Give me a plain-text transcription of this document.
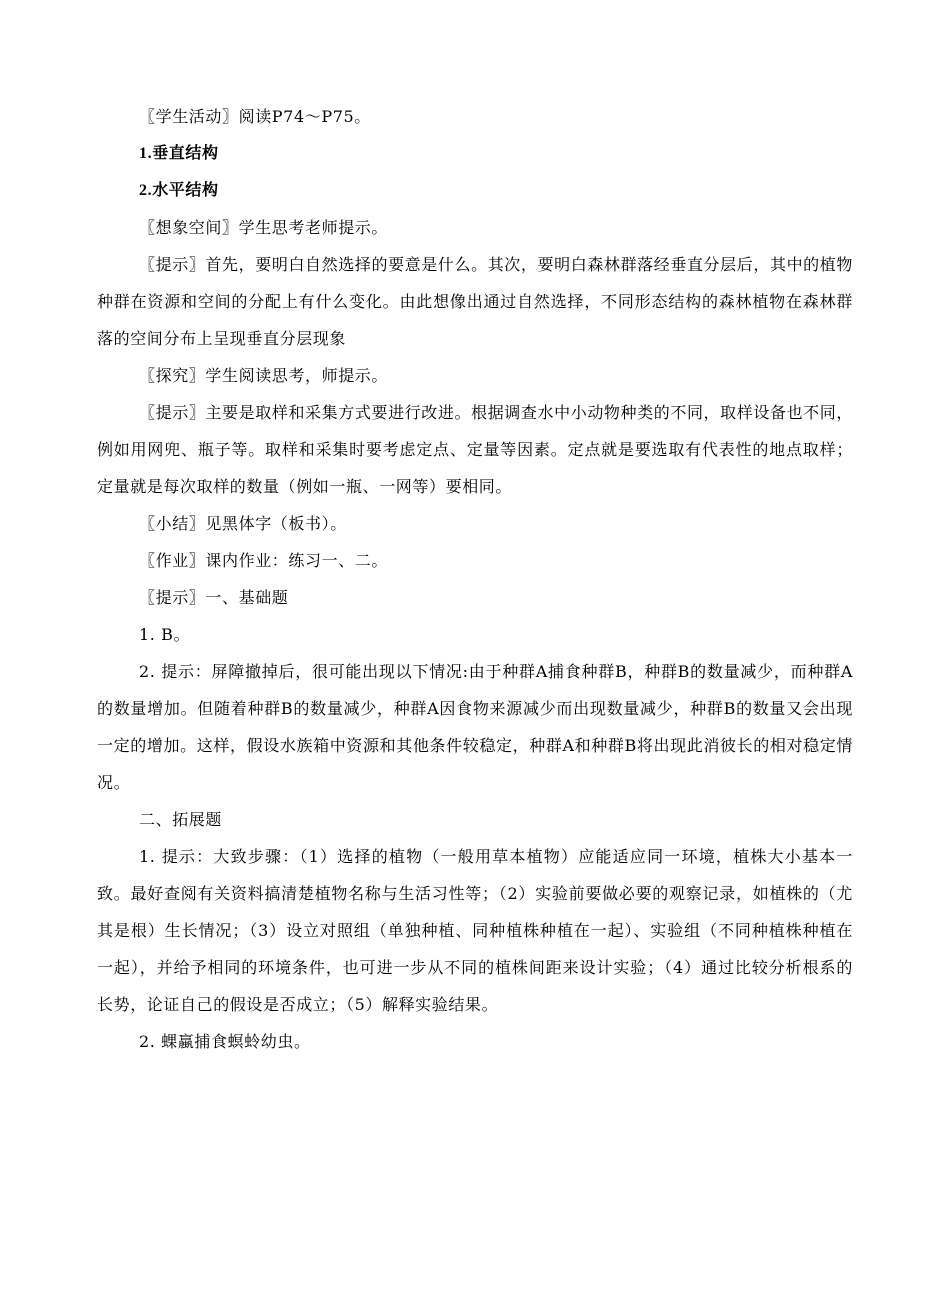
〖学生活动〗阅读P74～P75。

1.垂直结构

2.水平结构

〖想象空间〗学生思考老师提示。

〖提示〗首先，要明白自然选择的要意是什么。其次，要明白森林群落经垂直分层后，其中的植物种群在资源和空间的分配上有什么变化。由此想像出通过自然选择，不同形态结构的森林植物在森林群落的空间分布上呈现垂直分层现象

〖探究〗学生阅读思考，师提示。

〖提示〗主要是取样和采集方式要进行改进。根据调查水中小动物种类的不同，取样设备也不同，例如用网兜、瓶子等。取样和采集时要考虑定点、定量等因素。定点就是要选取有代表性的地点取样；定量就是每次取样的数量（例如一瓶、一网等）要相同。

〖小结〗见黑体字（板书）。

〖作业〗课内作业：练习一、二。

〖提示〗一、基础题

1. B。

2. 提示：屏障撤掉后，很可能出现以下情况:由于种群A捕食种群B，种群B的数量减少，而种群A的数量增加。但随着种群B的数量减少，种群A因食物来源减少而出现数量减少，种群B的数量又会出现一定的增加。这样，假设水族箱中资源和其他条件较稳定，种群A和种群B将出现此消彼长的相对稳定情况。

二、拓展题

1. 提示：大致步骤：（1）选择的植物（一般用草本植物）应能适应同一环境，植株大小基本一致。最好查阅有关资料搞清楚植物名称与生活习性等；（2）实验前要做必要的观察记录，如植株的（尤其是根）生长情况；（3）设立对照组（单独种植、同种植株种植在一起）、实验组（不同种植株种植在一起），并给予相同的环境条件，也可进一步从不同的植株间距来设计实验；（4）通过比较分析根系的长势，论证自己的假设是否成立；（5）解释实验结果。

2. 蜾蠃捕食螟蛉幼虫。
